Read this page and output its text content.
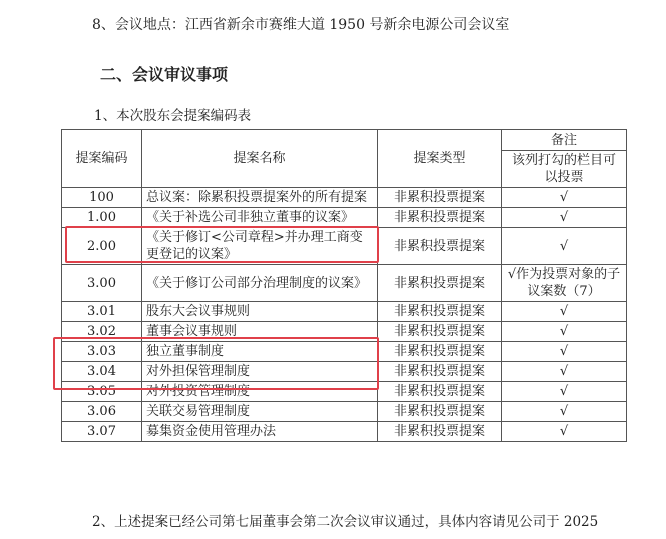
8、会议地点：江西省新余市赛维大道 1950 号新余电源公司会议室
二、会议审议事项
1、本次股东会提案编码表
提案编码	提案名称	提案类型	备注
			该列打勾的栏目可以投票
100	总议案：除累积投票提案外的所有提案	非累积投票提案	√
1.00	《关于补选公司非独立董事的议案》	非累积投票提案	√
2.00	《关于修订<公司章程>并办理工商变更登记的议案》	非累积投票提案	√
3.00	《关于修订公司部分治理制度的议案》	非累积投票提案	√作为投票对象的子议案数（7）
3.01	股东大会议事规则	非累积投票提案	√
3.02	董事会议事规则	非累积投票提案	√
3.03	独立董事制度	非累积投票提案	√
3.04	对外担保管理制度	非累积投票提案	√
3.05	对外投资管理制度	非累积投票提案	√
3.06	关联交易管理制度	非累积投票提案	√
3.07	募集资金使用管理办法	非累积投票提案	√
2、上述提案已经公司第七届董事会第二次会议审议通过，具体内容请见公司于 2025
